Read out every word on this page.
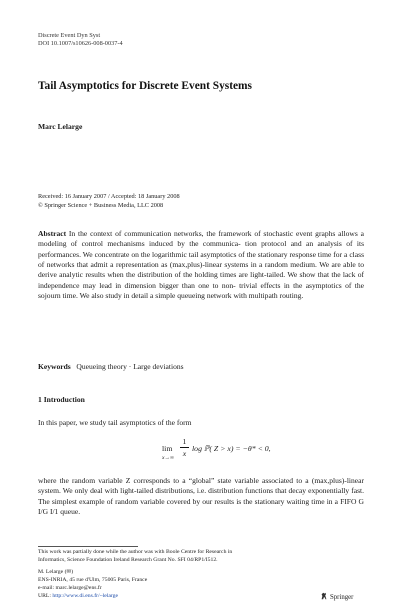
Discrete Event Dyn Syst
DOI 10.1007/s10626-008-0037-4
Tail Asymptotics for Discrete Event Systems
Marc Lelarge
Received: 16 January 2007 / Accepted: 18 January 2008
© Springer Science + Business Media, LLC 2008
Abstract In the context of communication networks, the framework of stochastic event graphs allows a modeling of control mechanisms induced by the communica- tion protocol and an analysis of its performances. We concentrate on the logarithmic tail asymptotics of the stationary response time for a class of networks that admit a representation as (max,plus)-linear systems in a random medium. We are able to derive analytic results when the distribution of the holding times are light-tailed. We show that the lack of independence may lead in dimension bigger than one to non- trivial effects in the asymptotics of the sojourn time. We also study in detail a simple queueing network with multipath routing.
Keywords Queueing theory · Large deviations
1 Introduction
In this paper, we study tail asymptotics of the form
lim
x→∞
1
x
log ℙ( Z > x) = −θ* < 0,
where the random variable Z corresponds to a “global” state variable associated to a (max,plus)-linear system. We only deal with light-tailed distributions, i.e. distribution functions that decay exponentially fast. The simplest example of random variable covered by our results is the stationary waiting time in a FIFO G I/G I/1 queue.
This work was partially done while the author was with Boole Centre for Research in
Informatics, Science Foundation Ireland Research Grant No. SFI 04/RP1/I512.
M. Lelarge (✉)
ENS-INRIA, 45 rue d'Ulm, 75005 Paris, France
e-mail: marc.lelarge@ens.fr
URL: http://www.di.ens.fr/~lelarge	Springer
